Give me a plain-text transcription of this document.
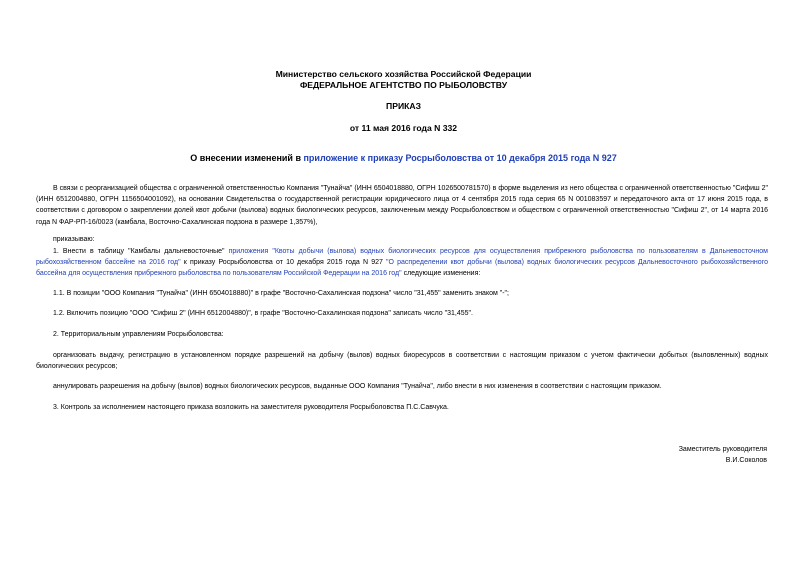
Министерство сельского хозяйства Российской Федерации
ФЕДЕРАЛЬНОЕ АГЕНТСТВО ПО РЫБОЛОВСТВУ
ПРИКАЗ
от 11 мая 2016 года N 332
О внесении изменений в приложение к приказу Росрыболовства от 10 декабря 2015 года N 927
В связи с реорганизацией общества с ограниченной ответственностью Компания "Тунайча" (ИНН 6504018880, ОГРН 1026500781570) в форме выделения из него общества с ограниченной ответственностью "Сифиш 2" (ИНН 6512004880, ОГРН 1156504001092), на основании Свидетельства о государственной регистрации юридического лица от 4 сентября 2015 года серия 65 N 001083597 и передаточного акта от 17 июня 2015 года, в соответствии с договором о закреплении долей квот добычи (вылова) водных биологических ресурсов, заключенным между Росрыболовством и обществом с ограниченной ответственностью "Сифиш 2", от 14 марта 2016 года N ФАР-РП-16/0023 (камбала, Восточно-Сахалинская подзона в размере 1,357%),
приказываю:
1. Внести в таблицу "Камбалы дальневосточные" приложения "Квоты добычи (вылова) водных биологических ресурсов для осуществления прибрежного рыболовства по пользователям в Дальневосточном рыбохозяйственном бассейне на 2016 год" к приказу Росрыболовства от 10 декабря 2015 года N 927 "О распределении квот добычи (вылова) водных биологических ресурсов Дальневосточного рыбохозяйственного бассейна для осуществления прибрежного рыболовства по пользователям Российской Федерации на 2016 год" следующие изменения:
1.1. В позиции "ООО Компания "Тунайча" (ИНН 6504018880)" в графе "Восточно-Сахалинская подзона" число "31,455" заменить знаком "-";
1.2. Включить позицию "ООО "Сифиш 2" (ИНН 6512004880)", в графе "Восточно-Сахалинская подзона" записать число "31,455".
2. Территориальным управлениям Росрыболовства:
организовать выдачу, регистрацию в установленном порядке разрешений на добычу (вылов) водных биоресурсов в соответствии с настоящим приказом с учетом фактически добытых (выловленных) водных биологических ресурсов;
аннулировать разрешения на добычу (вылов) водных биологических ресурсов, выданные ООО Компания "Тунайча", либо внести в них изменения в соответствии с настоящим приказом.
3. Контроль за исполнением настоящего приказа возложить на заместителя руководителя Росрыболовства П.С.Савчука.
Заместитель руководителя
В.И.Соколов
